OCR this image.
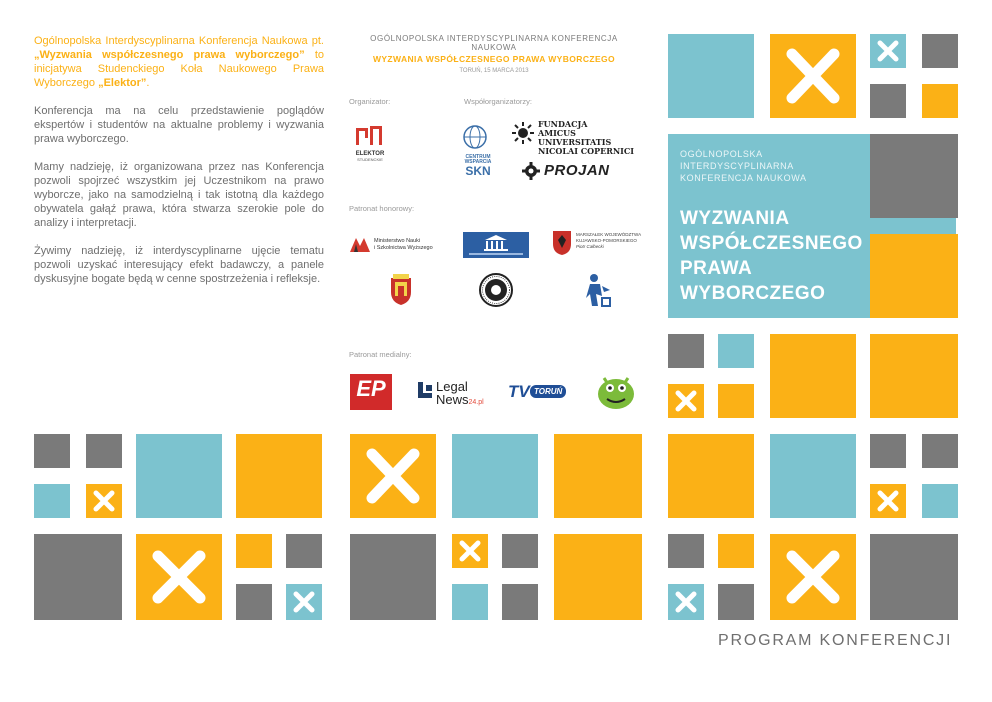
Ogólnopolska Interdyscyplinarna Konferencja Naukowa pt. „Wyzwania współczesnego prawa wyborczego” to inicjatywa Studenckiego Koła Naukowego Prawa Wyborczego „Elektor”.

Konferencja ma na celu przedstawienie poglądów ekspertów i studentów na aktualne problemy i wyzwania prawa wyborczego.

Mamy nadzieję, iż organizowana przez nas Konferencja pozwoli spojrzeć wszystkim jej Uczestnikom na prawo wyborcze, jako na samodzielną i tak istotną dla każdego obywatela gałąź prawa, która stwarza szerokie pole do analizy i interpretacji.

Żywimy nadzieję, iż interdyscyplinarne ujęcie tematu pozwoli uzyskać interesujący efekt badawczy, a panele dyskusyjne bogate będą w cenne spostrzeżenia i refleksje.

OGÓLNOPOLSKA INTERDYSCYPLINARNA KONFERENCJA NAUKOWA
WYZWANIA WSPÓŁCZESNEGO PRAWA WYBORCZEGO
TORUŃ, 15 MARCA 2013
Organizator:	Współorganizatorzy:
ELEKTOR
STUDENCKIE	CENTRUM
WSPARCIA
SKN
FUNDACJA
AMICUS UNIVERSITATIS
NICOLAI COPERNICI
PROJAN
Patronat honorowy:
Ministerstwo Nauki
i Szkolnictwa Wyższego
MARSZAŁEK WOJEWÓDZTWA
KUJAWSKO-POMORSKIEGO
Piotr Całbecki
Patronat medialny:
EP	Legal
News24.pl
TV TORUŃ
OGÓLNOPOLSKA
INTERDYSCYPLINARNA
KONFERENCJA NAUKOWA
WYZWANIA
WSPÓŁCZESNEGO
PRAWA
WYBORCZEGO
PROGRAM KONFERENCJI
